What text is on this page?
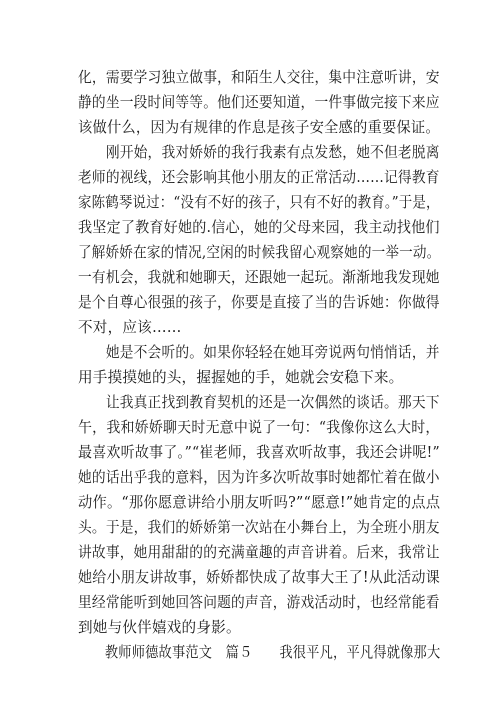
化，需要学习独立做事，和陌生人交往，集中注意听讲，安
静的坐一段时间等等。他们还要知道，一件事做完接下来应
该做什么，因为有规律的作息是孩子安全感的重要保证。
　　刚开始，我对娇娇的我行我素有点发愁，她不但老脱离
老师的视线，还会影响其他小朋友的正常活动……记得教育
家陈鹤琴说过：“没有不好的孩子，只有不好的教育。”于是，
我坚定了教育好她的.信心，她的父母来园，我主动找他们
了解娇娇在家的情况,空闲的时候我留心观察她的一举一动。
一有机会，我就和她聊天，还跟她一起玩。渐渐地我发现她
是个自尊心很强的孩子，你要是直接了当的告诉她：你做得
不对，应该……
　　她是不会听的。如果你轻轻在她耳旁说两句悄悄话，并
用手摸摸她的头，握握她的手，她就会安稳下来。
　　让我真正找到教育契机的还是一次偶然的谈话。那天下
午，我和娇娇聊天时无意中说了一句：“我像你这么大时，
最喜欢听故事了。”“崔老师，我喜欢听故事，我还会讲呢!”
她的话出乎我的意料，因为许多次听故事时她都忙着在做小
动作。“那你愿意讲给小朋友听吗?”“愿意!”她肯定的点点
头。于是，我们的娇娇第一次站在小舞台上，为全班小朋友
讲故事，她用甜甜的的充满童趣的声音讲着。后来，我常让
她给小朋友讲故事，娇娇都快成了故事大王了!从此活动课
里经常能听到她回答问题的声音，游戏活动时，也经常能看
到她与伙伴嬉戏的身影。
　　教师师德故事范文　篇５　　我很平凡，平凡得就像那大
